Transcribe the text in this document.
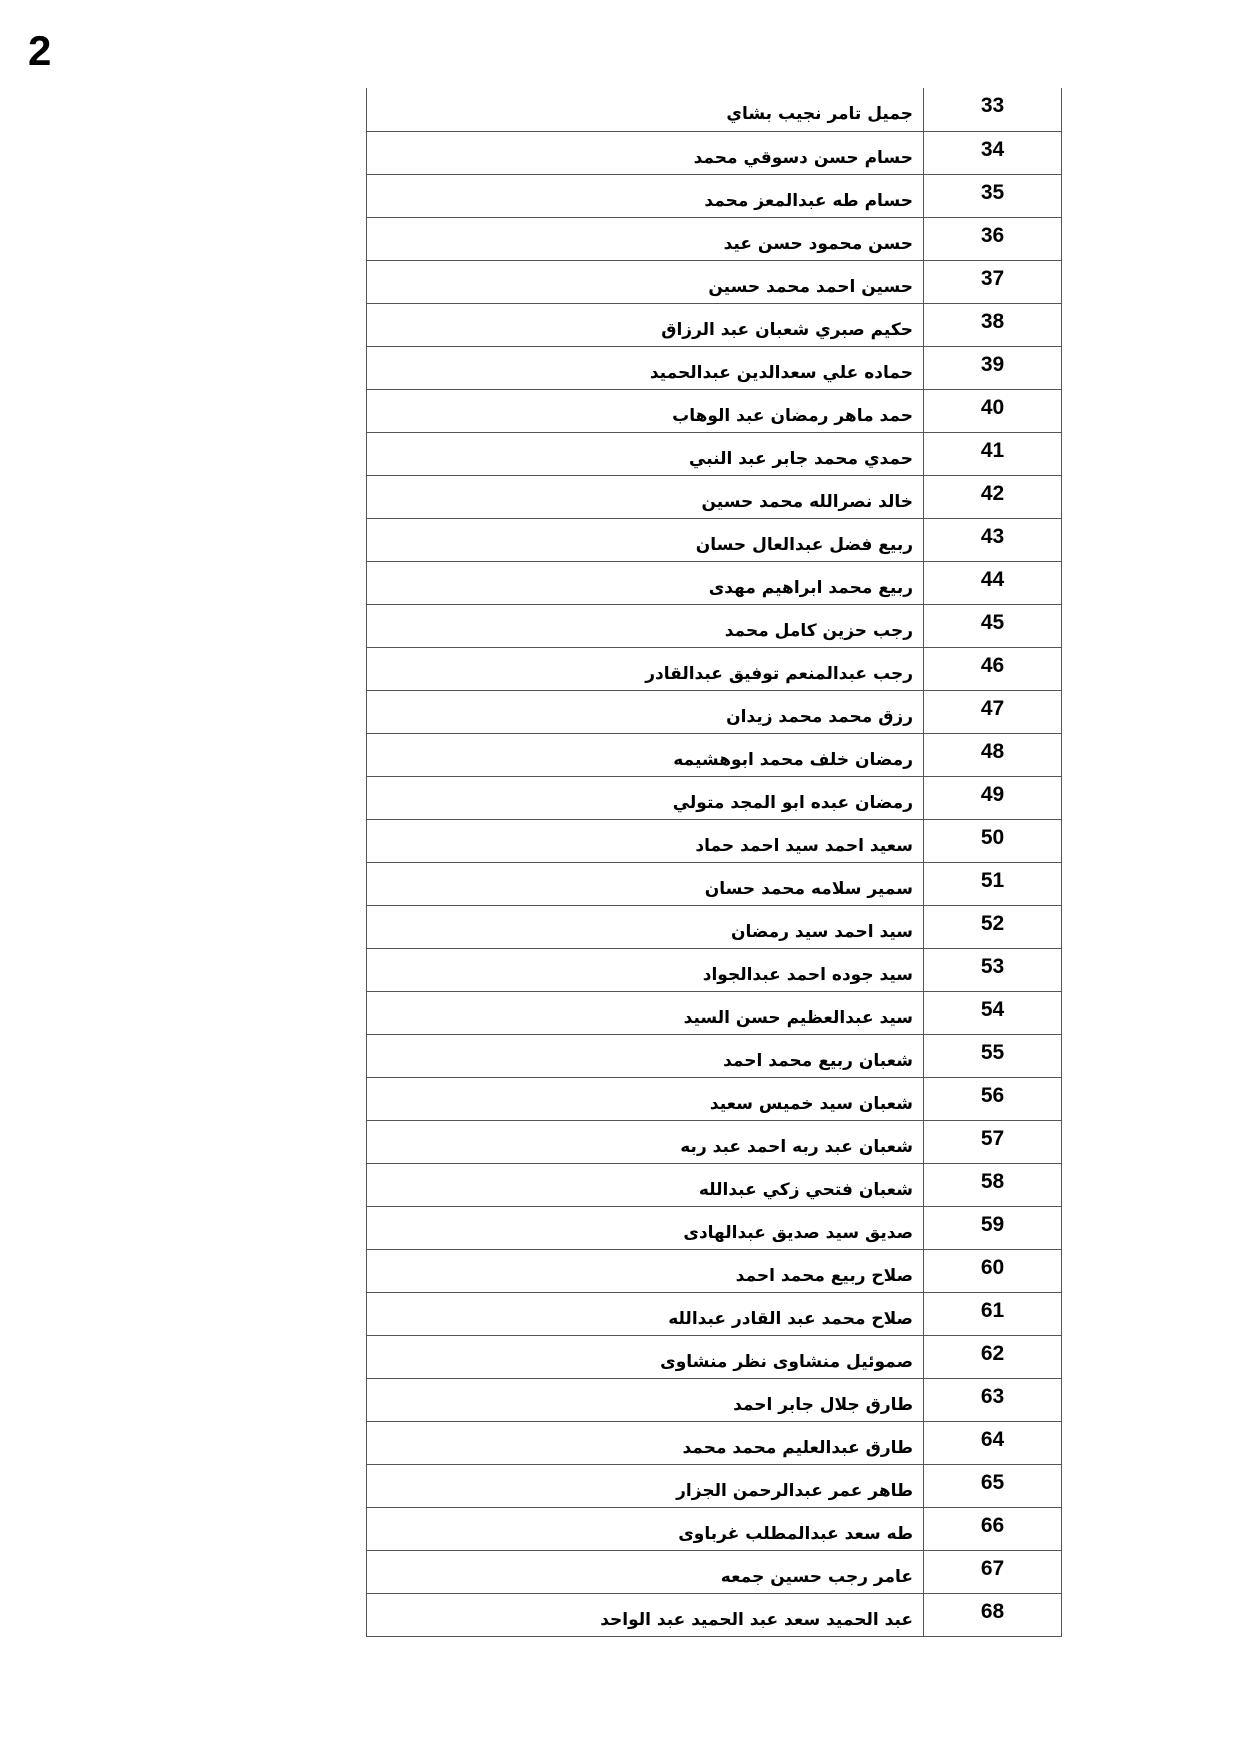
2
جميل تامر نجيب بشاي	33
حسام حسن دسوقي محمد	34
حسام طه عبدالمعز محمد	35
حسن محمود حسن عيد	36
حسين احمد محمد حسين	37
حكيم صبري شعبان عبد الرزاق	38
حماده علي سعدالدين عبدالحميد	39
حمد ماهر رمضان عبد الوهاب	40
حمدي محمد جابر عبد النبي	41
خالد نصرالله محمد حسين	42
ربيع فضل عبدالعال حسان	43
ربيع محمد ابراهيم مهدى	44
رجب حزين كامل محمد	45
رجب عبدالمنعم توفيق عبدالقادر	46
رزق محمد محمد زيدان	47
رمضان خلف محمد ابوهشيمه	48
رمضان عبده ابو المجد متولي	49
سعيد احمد سيد احمد حماد	50
سمير سلامه محمد حسان	51
سيد احمد سيد رمضان	52
سيد جوده احمد عبدالجواد	53
سيد عبدالعظيم حسن السيد	54
شعبان ربيع محمد احمد	55
شعبان سيد خميس سعيد	56
شعبان عبد ربه احمد عبد ربه	57
شعبان فتحي زكي عبدالله	58
صديق سيد صديق عبدالهادى	59
صلاح ربيع محمد احمد	60
صلاح محمد عبد القادر عبدالله	61
صموئيل منشاوى نظر منشاوى	62
طارق جلال جابر احمد	63
طارق عبدالعليم محمد محمد	64
طاهر عمر عبدالرحمن الجزار	65
طه سعد عبدالمطلب غرباوى	66
عامر رجب حسين جمعه	67
عبد الحميد سعد عبد الحميد عبد الواحد	68
